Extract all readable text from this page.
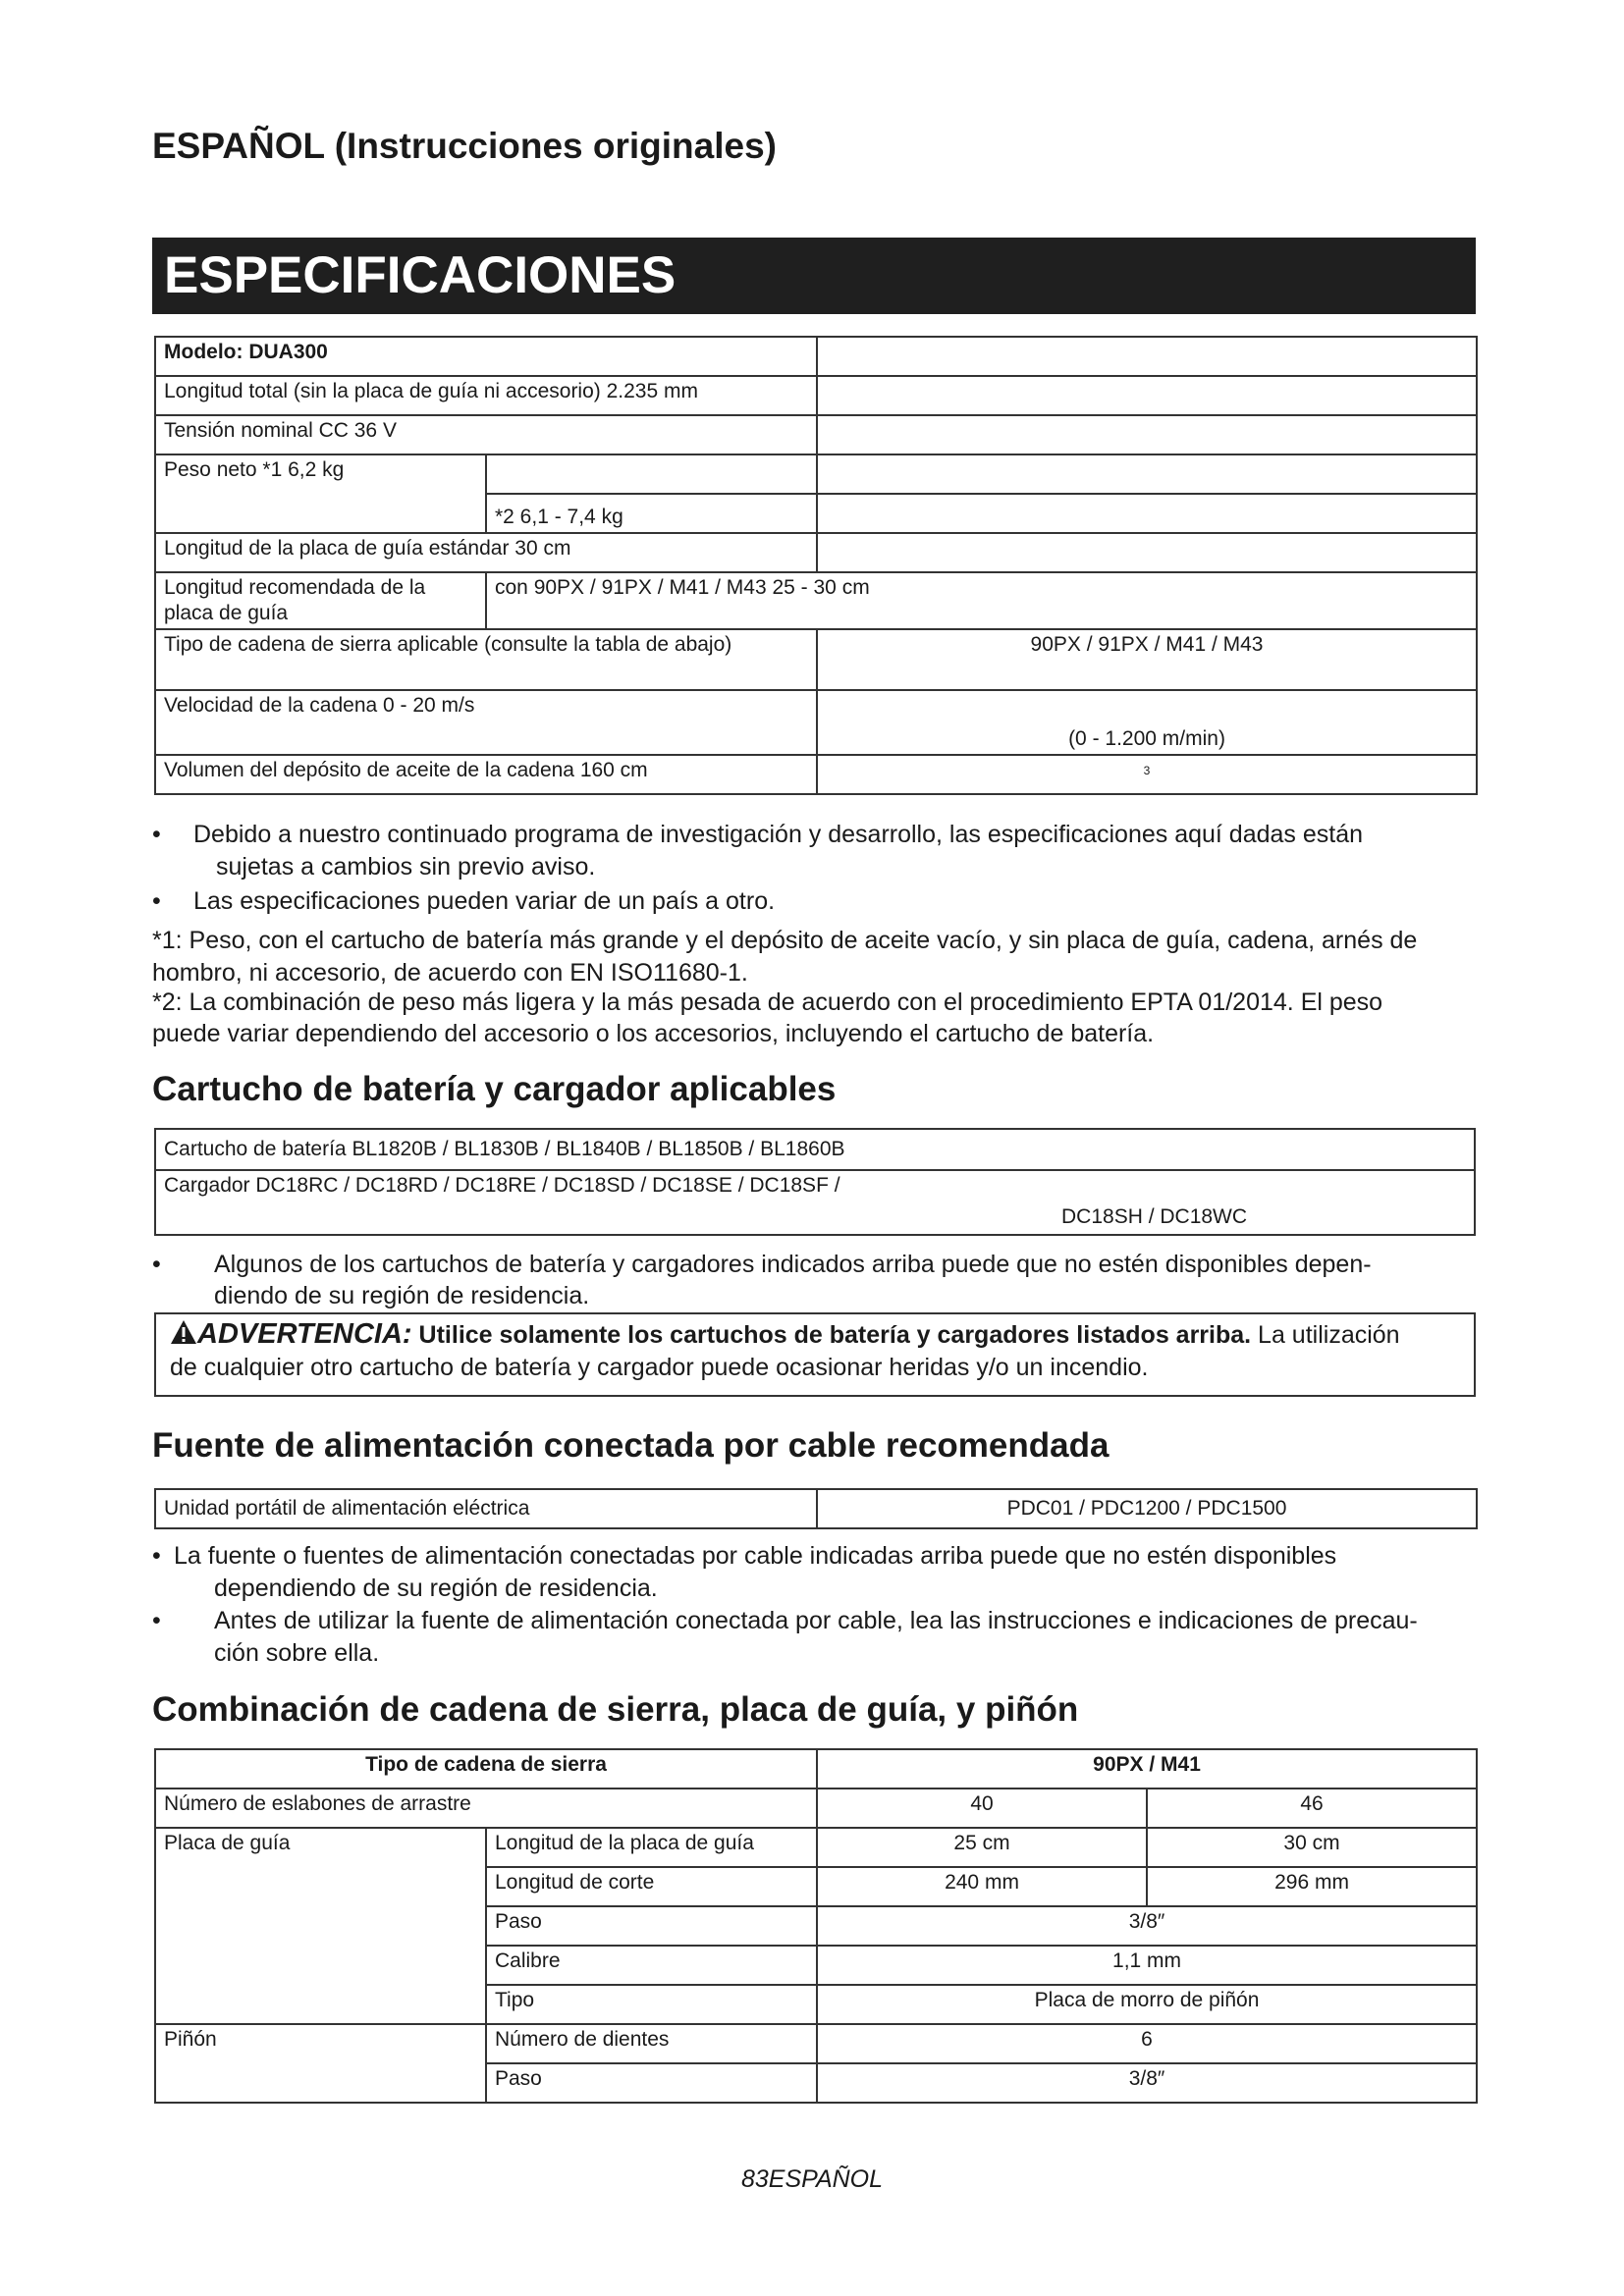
ESPAÑOL (Instrucciones originales)
ESPECIFICACIONES
Modelo: DUA300		
Longitud total (sin la placa de guía ni accesorio) 2.235 mm		
Tensión nominal CC 36 V		
Peso neto *1 6,2 kg		
	*2 6,1 - 7,4 kg	
Longitud de la placa de guía estándar 30 cm		
Longitud recomendada de la placa de guía	con 90PX / 91PX / M41 / M43 25 - 30 cm	
Tipo de cadena de sierra aplicable (consulte la tabla de abajo)		90PX / 91PX / M41 / M43
Velocidad de la cadena 0 - 20 m/s		(0 - 1.200 m/min)
Volumen del depósito de aceite de la cadena 160 cm		3
• Debido a nuestro continuado programa de investigación y desarrollo, las especificaciones aquí dadas están

sujetas a cambios sin previo aviso.

• Las especificaciones pueden variar de un país a otro.

*1: Peso, con el cartucho de batería más grande y el depósito de aceite vacío, y sin placa de guía, cadena, arnés de

hombro, ni accesorio, de acuerdo con EN ISO11680-1.

*2: La combinación de peso más ligera y la más pesada de acuerdo con el procedimiento EPTA 01/2014. El peso

puede variar dependiendo del accesorio o los accesorios, incluyendo el cartucho de batería.

Cartucho de batería y cargador aplicables
Cartucho de batería BL1820B / BL1830B / BL1840B / BL1850B / BL1860B

Cargador DC18RC / DC18RD / DC18RE / DC18SD / DC18SE / DC18SF /
DC18SH / DC18WC
• Algunos de los cartuchos de batería y cargadores indicados arriba puede que no estén disponibles depen-

diendo de su región de residencia.

ADVERTENCIA: Utilice solamente los cartuchos de batería y cargadores listados arriba. La utilización
de cualquier otro cartucho de batería y cargador puede ocasionar heridas y/o un incendio.
Fuente de alimentación conectada por cable recomendada
Unidad portátil de alimentación eléctrica	PDC01 / PDC1200 / PDC1500
• La fuente o fuentes de alimentación conectadas por cable indicadas arriba puede que no estén disponibles

dependiendo de su región de residencia.

• Antes de utilizar la fuente de alimentación conectada por cable, lea las instrucciones e indicaciones de precau-

ción sobre ella.

Combinación de cadena de sierra, placa de guía, y piñón
Tipo de cadena de sierra		90PX / M41	
Número de eslabones de arrastre		40	46
Placa de guía	Longitud de la placa de guía	25 cm	30 cm
	Longitud de corte	240 mm	296 mm
	Paso	3/8″	
	Calibre	1,1 mm	
	Tipo	Placa de morro de piñón	
Piñón	Número de dientes	6	
	Paso	3/8″	
83ESPAÑOL
